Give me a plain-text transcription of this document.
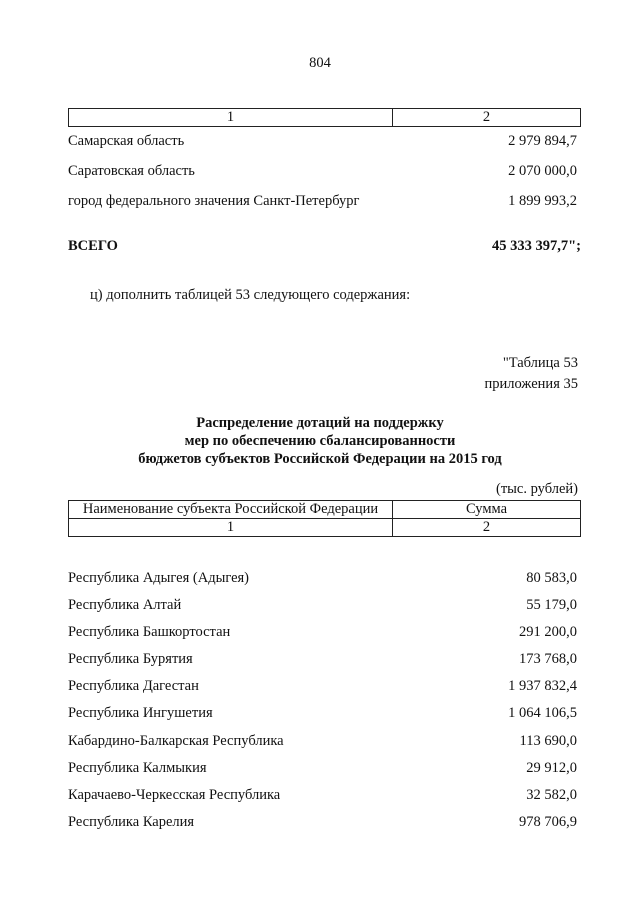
804
1	2
Самарская область	2 979 894,7
Саратовская область	2 070 000,0
город федерального значения Санкт-Петербург	1 899 993,2
ВСЕГО	45 333 397,7";
ц) дополнить таблицей 53 следующего содержания:
"Таблица 53
приложения 35
Распределение дотаций на поддержку
мер по обеспечению сбалансированности
бюджетов субъектов Российской Федерации на 2015 год
(тыс. рублей)
Наименование субъекта Российской Федерации	Сумма
1	2
Республика Адыгея (Адыгея)	80 583,0
Республика Алтай	55 179,0
Республика Башкортостан	291 200,0
Республика Бурятия	173 768,0
Республика Дагестан	1 937 832,4
Республика Ингушетия	1 064 106,5
Кабардино-Балкарская Республика	113 690,0
Республика Калмыкия	29 912,0
Карачаево-Черкесская Республика	32 582,0
Республика Карелия	978 706,9
